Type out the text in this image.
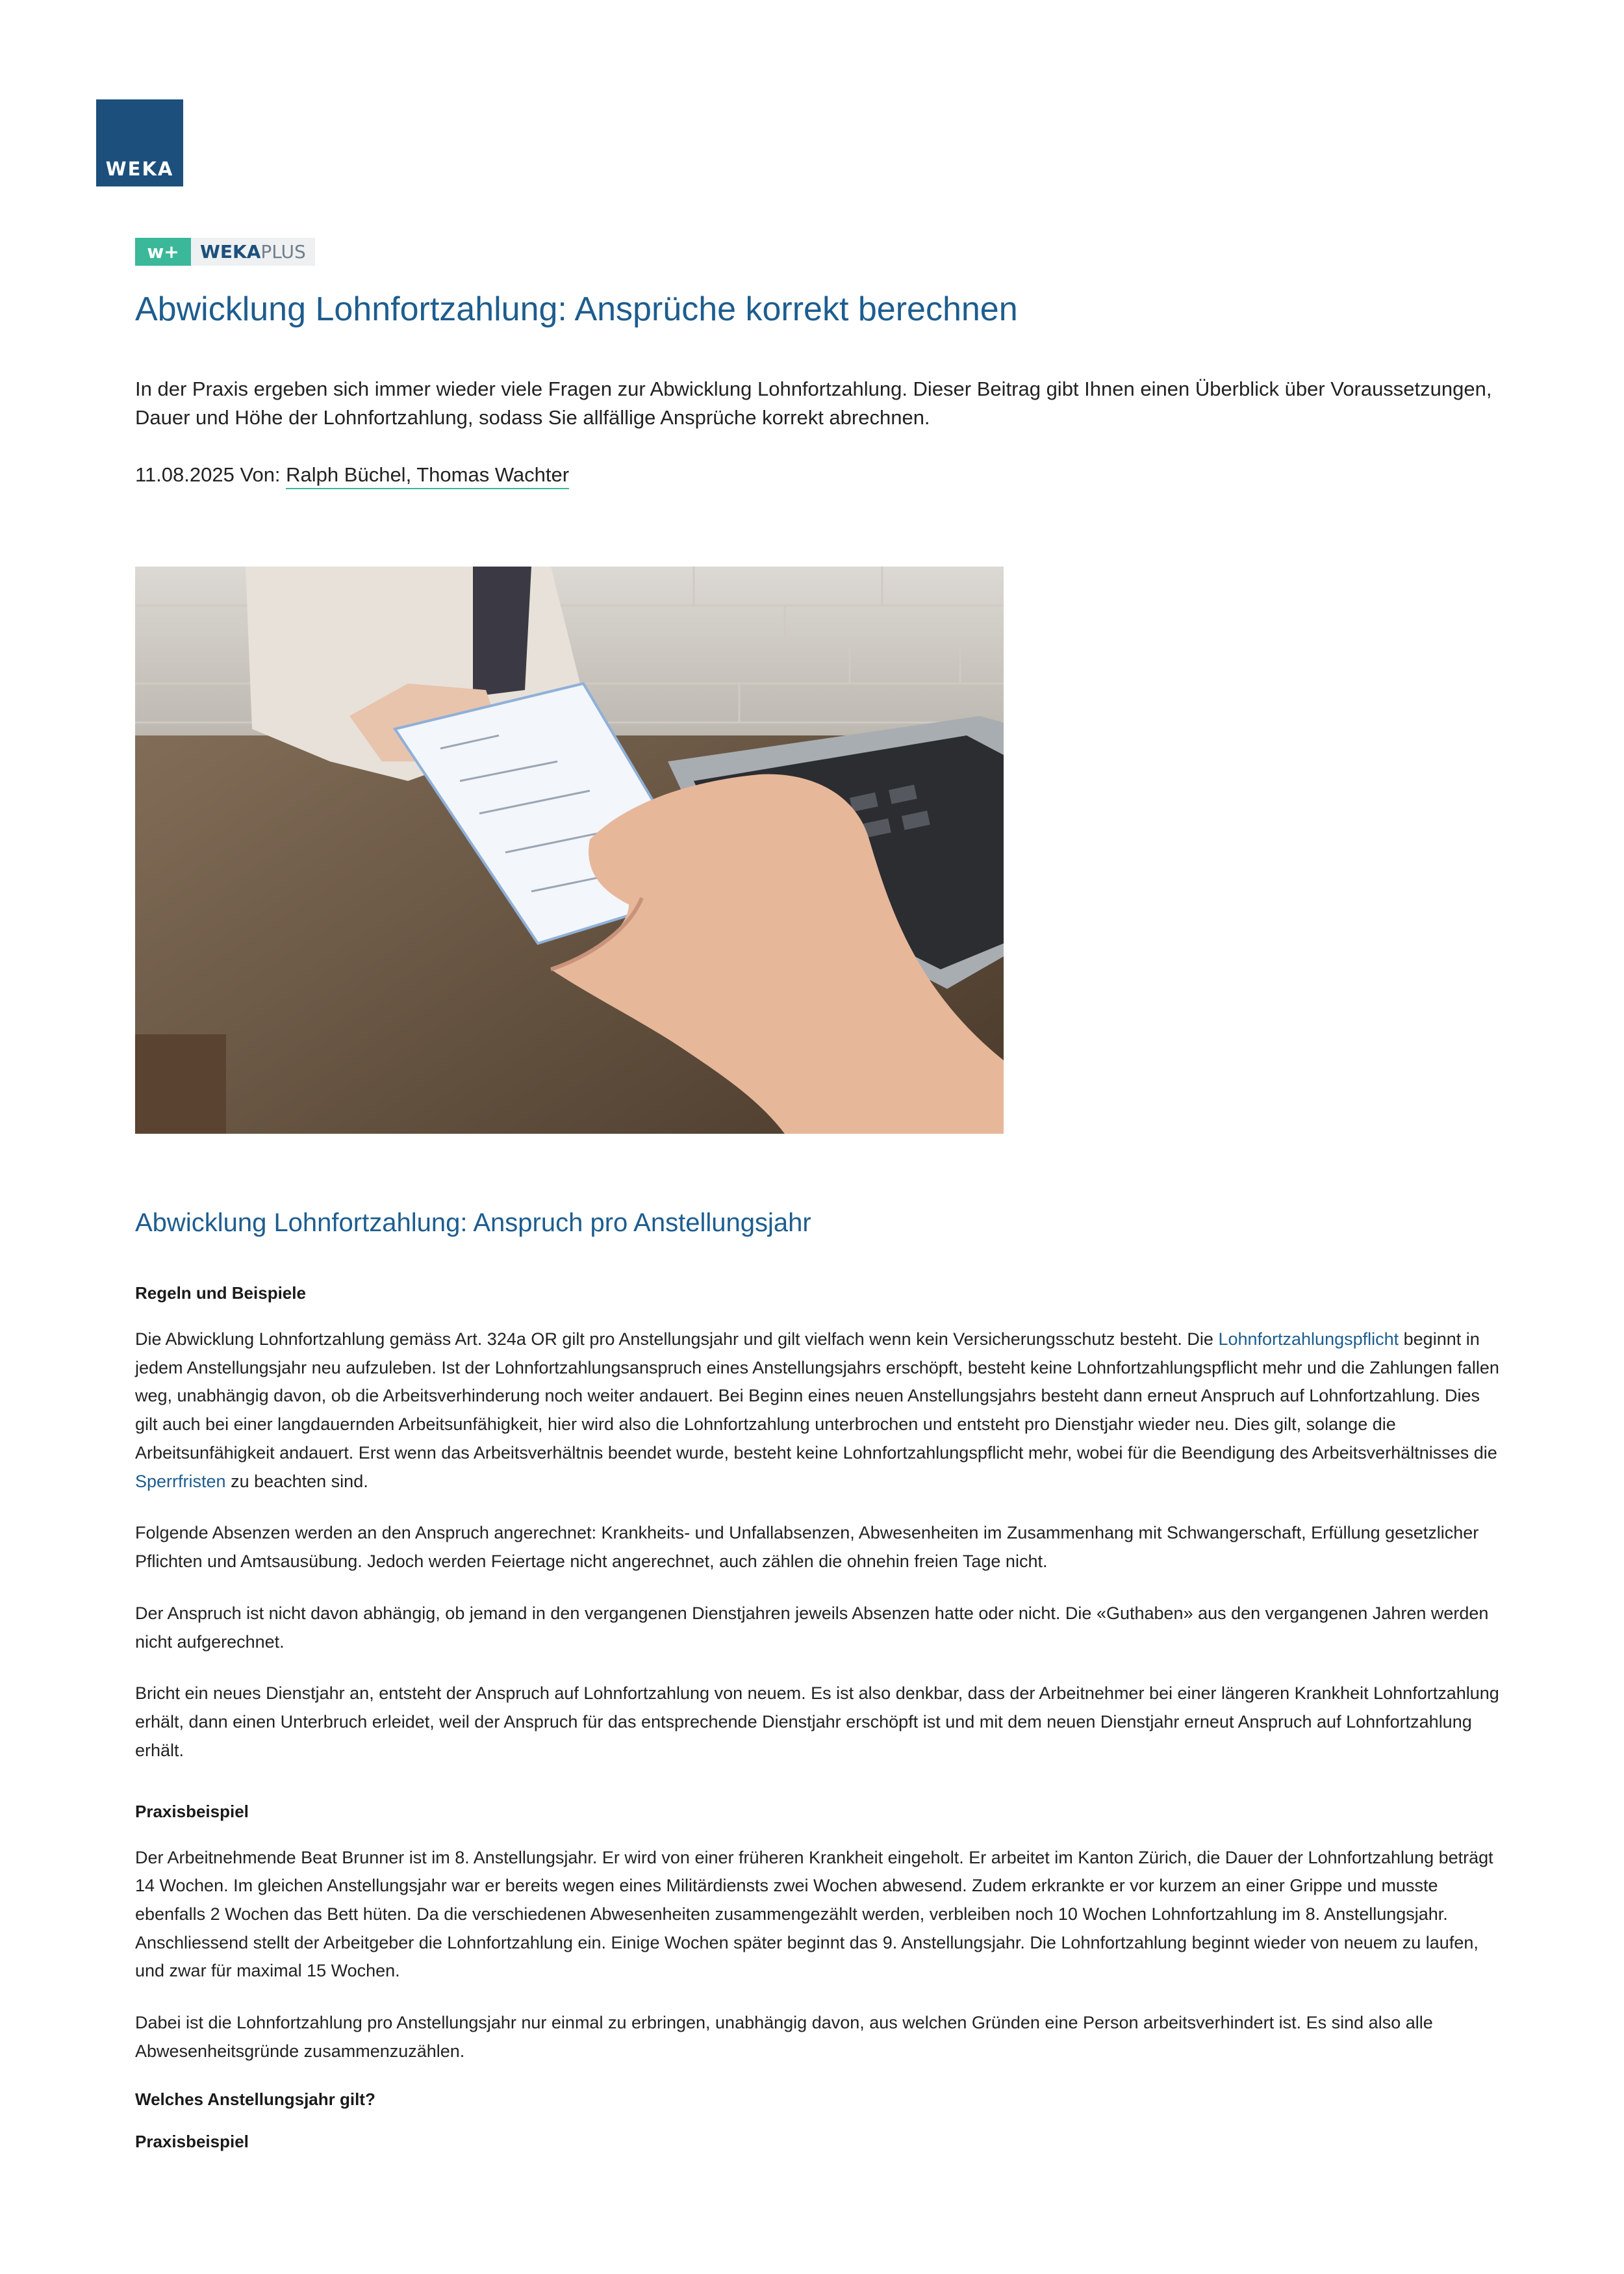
WEKA
w+	WEKA PLUS
Abwicklung Lohnfortzahlung: Ansprüche korrekt berechnen

In der Praxis ergeben sich immer wieder viele Fragen zur Abwicklung Lohnfortzahlung. Dieser Beitrag gibt Ihnen einen Überblick über Voraussetzungen, Dauer und Höhe der Lohnfortzahlung, sodass Sie allfällige Ansprüche korrekt abrechnen.

11.08.2025 Von: Ralph Büchel, Thomas Wachter
Abwicklung Lohnfortzahlung: Anspruch pro Anstellungsjahr
Regeln und Beispiele

Die Abwicklung Lohnfortzahlung gemäss Art. 324a OR gilt pro Anstellungsjahr und gilt vielfach wenn kein Versicherungsschutz besteht. Die Lohnfortzahlungspflicht beginnt in jedem Anstellungsjahr neu aufzuleben. Ist der Lohnfortzahlungsanspruch eines Anstellungsjahrs erschöpft, besteht keine Lohnfortzahlungspflicht mehr und die Zahlungen fallen weg, unabhängig davon, ob die Arbeitsverhinderung noch weiter andauert. Bei Beginn eines neuen Anstellungsjahrs besteht dann erneut Anspruch auf Lohnfortzahlung. Dies gilt auch bei einer langdauernden Arbeitsunfähigkeit, hier wird also die Lohnfortzahlung unterbrochen und entsteht pro Dienstjahr wieder neu. Dies gilt, solange die Arbeitsunfähigkeit andauert. Erst wenn das Arbeitsverhältnis beendet wurde, besteht keine Lohnfortzahlungspflicht mehr, wobei für die Beendigung des Arbeitsverhältnisses die Sperrfristen zu beachten sind.

Folgende Absenzen werden an den Anspruch angerechnet: Krankheits- und Unfallabsenzen, Abwesenheiten im Zusammenhang mit Schwangerschaft, Erfüllung gesetzlicher Pflichten und Amtsausübung. Jedoch werden Feiertage nicht angerechnet, auch zählen die ohnehin freien Tage nicht.

Der Anspruch ist nicht davon abhängig, ob jemand in den vergangenen Dienstjahren jeweils Absenzen hatte oder nicht. Die «Guthaben» aus den vergangenen Jahren werden nicht aufgerechnet.

Bricht ein neues Dienstjahr an, entsteht der Anspruch auf Lohnfortzahlung von neuem. Es ist also denkbar, dass der Arbeitnehmer bei einer längeren Krankheit Lohnfortzahlung erhält, dann einen Unterbruch erleidet, weil der Anspruch für das entsprechende Dienstjahr erschöpft ist und mit dem neuen Dienstjahr erneut Anspruch auf Lohnfortzahlung erhält.

Praxisbeispiel

Der Arbeitnehmende Beat Brunner ist im 8. Anstellungsjahr. Er wird von einer früheren Krankheit eingeholt. Er arbeitet im Kanton Zürich, die Dauer der Lohnfortzahlung beträgt 14 Wochen. Im gleichen Anstellungsjahr war er bereits wegen eines Militärdiensts zwei Wochen abwesend. Zudem erkrankte er vor kurzem an einer Grippe und musste ebenfalls 2 Wochen das Bett hüten. Da die verschiedenen Abwesenheiten zusammengezählt werden, verbleiben noch 10 Wochen Lohnfortzahlung im 8. Anstellungsjahr. Anschliessend stellt der Arbeitgeber die Lohnfortzahlung ein. Einige Wochen später beginnt das 9. Anstellungsjahr. Die Lohnfortzahlung beginnt wieder von neuem zu laufen, und zwar für maximal 15 Wochen.

Dabei ist die Lohnfortzahlung pro Anstellungsjahr nur einmal zu erbringen, unabhängig davon, aus welchen Gründen eine Person arbeitsverhindert ist. Es sind also alle Abwesenheitsgründe zusammenzuzählen.

Welches Anstellungsjahr gilt?
Praxisbeispiel
